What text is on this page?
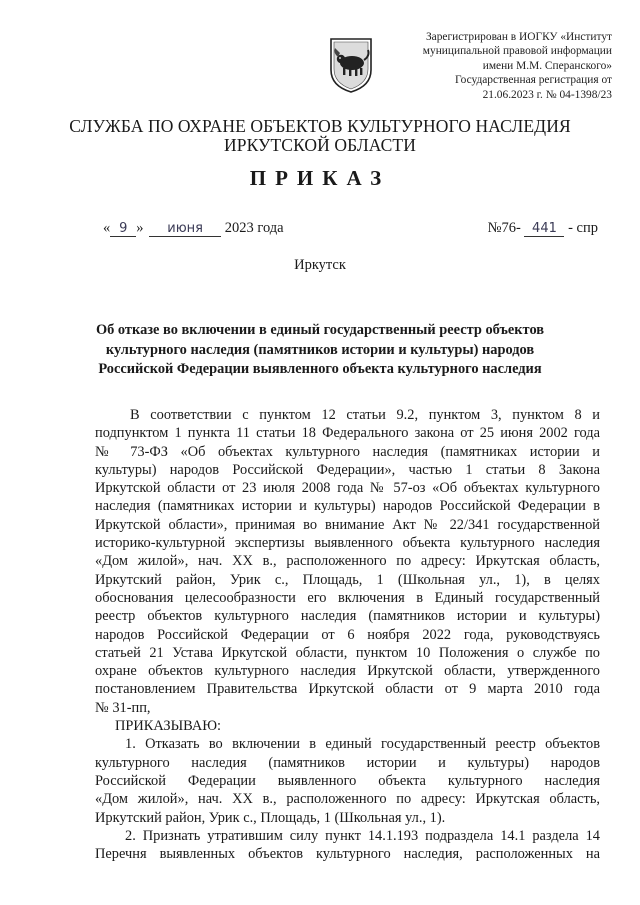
Зарегистрирован в ИОГКУ «Институт
муниципальной правовой информации
имени М.М. Сперанского»
Государственная регистрация от
21.06.2023 г. № 04-1398/23
СЛУЖБА ПО ОХРАНЕ ОБЪЕКТОВ КУЛЬТУРНОГО НАСЛЕДИЯ
ИРКУТСКОЙ ОБЛАСТИ
ПРИКАЗ
« 9 » июня 2023 года	№76- 441 - спр
Иркутск
Об отказе во включении в единый государственный реестр объектов
культурного наследия (памятников истории и культуры) народов
Российской Федерации выявленного объекта культурного наследия
В соответствии с пунктом 12 статьи 9.2, пунктом 3, пунктом 8 и
подпунктом 1 пункта 11 статьи 18 Федерального закона от 25 июня 2002 года
№ 73-ФЗ «Об объектах культурного наследия (памятниках истории и
культуры) народов Российской Федерации», частью 1 статьи 8 Закона
Иркутской области от 23 июля 2008 года № 57-оз «Об объектах культурного
наследия (памятниках истории и культуры) народов Российской Федерации в
Иркутской области», принимая во внимание Акт № 22/341 государственной
историко-культурной экспертизы выявленного объекта культурного наследия
«Дом жилой», нач. XX в., расположенного по адресу: Иркутская область,
Иркутский район, Урик с., Площадь, 1 (Школьная ул., 1), в целях
обоснования целесообразности его включения в Единый государственный
реестр объектов культурного наследия (памятников истории и культуры)
народов Российской Федерации от 6 ноября 2022 года, руководствуясь
статьей 21 Устава Иркутской области, пунктом 10 Положения о службе по
охране объектов культурного наследия Иркутской области, утвержденного
постановлением Правительства Иркутской области от 9 марта 2010 года
№ 31-пп,
ПРИКАЗЫВАЮ:
1. Отказать во включении в единый государственный реестр объектов
культурного наследия (памятников истории и культуры) народов
Российской Федерации выявленного объекта культурного наследия
«Дом жилой», нач. XX в., расположенного по адресу: Иркутская область,
Иркутский район, Урик с., Площадь, 1 (Школьная ул., 1).
2. Признать утратившим силу пункт 14.1.193 подраздела 14.1 раздела 14
Перечня выявленных объектов культурного наследия, расположенных на
